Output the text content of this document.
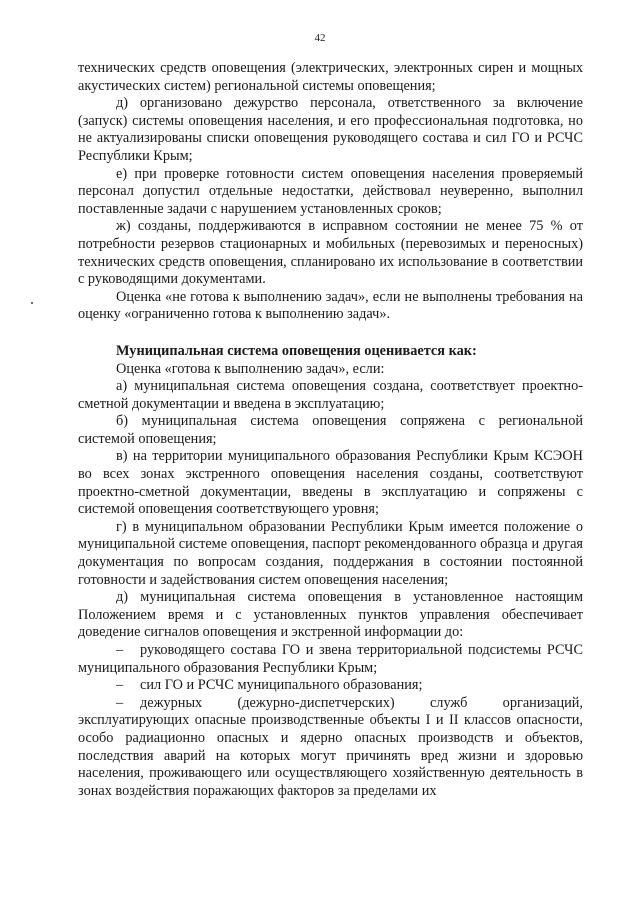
42

технических средств оповещения (электрических, электронных сирен и мощных акустических систем) региональной системы оповещения;

д) организовано дежурство персонала, ответственного за включение (запуск) системы оповещения населения, и его профессиональная подготовка, но не актуализированы списки оповещения руководящего состава и сил ГО и РСЧС Республики Крым;

е) при проверке готовности систем оповещения населения проверяемый персонал допустил отдельные недостатки, действовал неуверенно, выполнил поставленные задачи с нарушением установленных сроков;

ж) созданы, поддерживаются в исправном состоянии не менее 75 % от потребности резервов стационарных и мобильных (перевозимых и переносных) технических средств оповещения, спланировано их использование в соответствии с руководящими документами.

Оценка «не готова к выполнению задач», если не выполнены требования на оценку «ограниченно готова к выполнению задач».

Муниципальная система оповещения оценивается как:

Оценка «готова к выполнению задач», если:

а) муниципальная система оповещения создана, соответствует проектно-сметной документации и введена в эксплуатацию;

б) муниципальная система оповещения сопряжена с региональной системой оповещения;

в) на территории муниципального образования Республики Крым КСЭОН во всех зонах экстренного оповещения населения созданы, соответствуют проектно-сметной документации, введены в эксплуатацию и сопряжены с системой оповещения соответствующего уровня;

г) в муниципальном образовании Республики Крым имеется положение о муниципальной системе оповещения, паспорт рекомендованного образца и другая документация по вопросам создания, поддержания в состоянии постоянной готовности и задействования систем оповещения населения;

д) муниципальная система оповещения в установленное настоящим Положением время и с установленных пунктов управления обеспечивает доведение сигналов оповещения и экстренной информации до:

– руководящего состава ГО и звена территориальной подсистемы РСЧС муниципального образования Республики Крым;

– сил ГО и РСЧС муниципального образования;

– дежурных (дежурно-диспетчерских) служб организаций, эксплуатирующих опасные производственные объекты I и II классов опасности, особо радиационно опасных и ядерно опасных производств и объектов, последствия аварий на которых могут причинять вред жизни и здоровью населения, проживающего или осуществляющего хозяйственную деятельность в зонах воздействия поражающих факторов за пределами их
